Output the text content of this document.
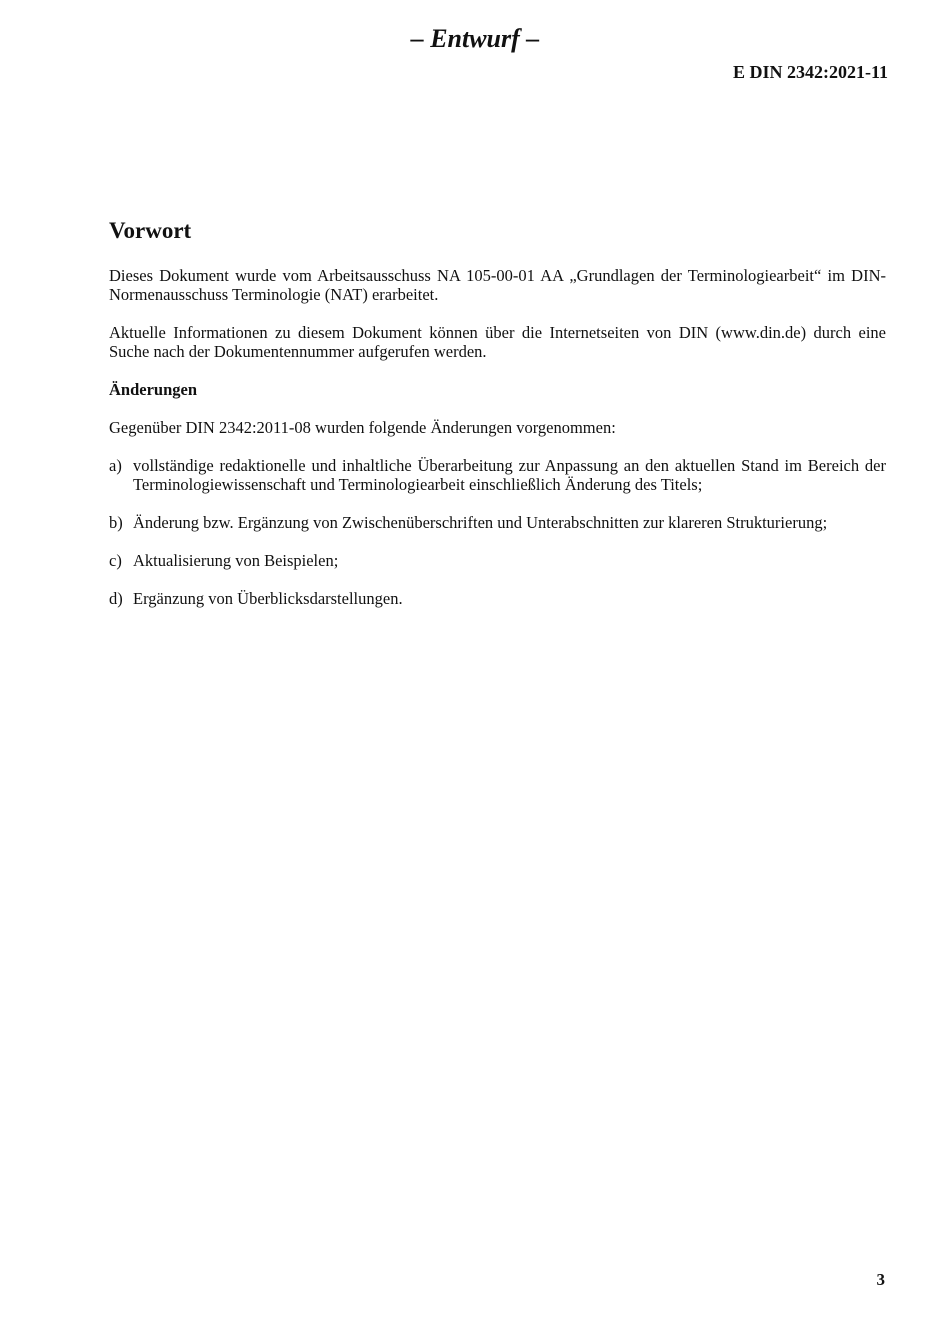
– Entwurf –
E DIN 2342:2021-11
Vorwort

Dieses Dokument wurde vom Arbeitsausschuss NA 105-00-01 AA „Grundlagen der Terminologiearbeit“ im DIN-Normenausschuss Terminologie (NAT) erarbeitet.

Aktuelle Informationen zu diesem Dokument können über die Internetseiten von DIN (www.din.de) durch eine Suche nach der Dokumentennummer aufgerufen werden.

Änderungen

Gegenüber DIN 2342:2011-08 wurden folgende Änderungen vorgenommen:

a) vollständige redaktionelle und inhaltliche Überarbeitung zur Anpassung an den aktuellen Stand im Bereich der Terminologiewissenschaft und Terminologiearbeit einschließlich Änderung des Titels;
b) Änderung bzw. Ergänzung von Zwischenüberschriften und Unterabschnitten zur klareren Strukturierung;
c) Aktualisierung von Beispielen;
d) Ergänzung von Überblicksdarstellungen.
3
